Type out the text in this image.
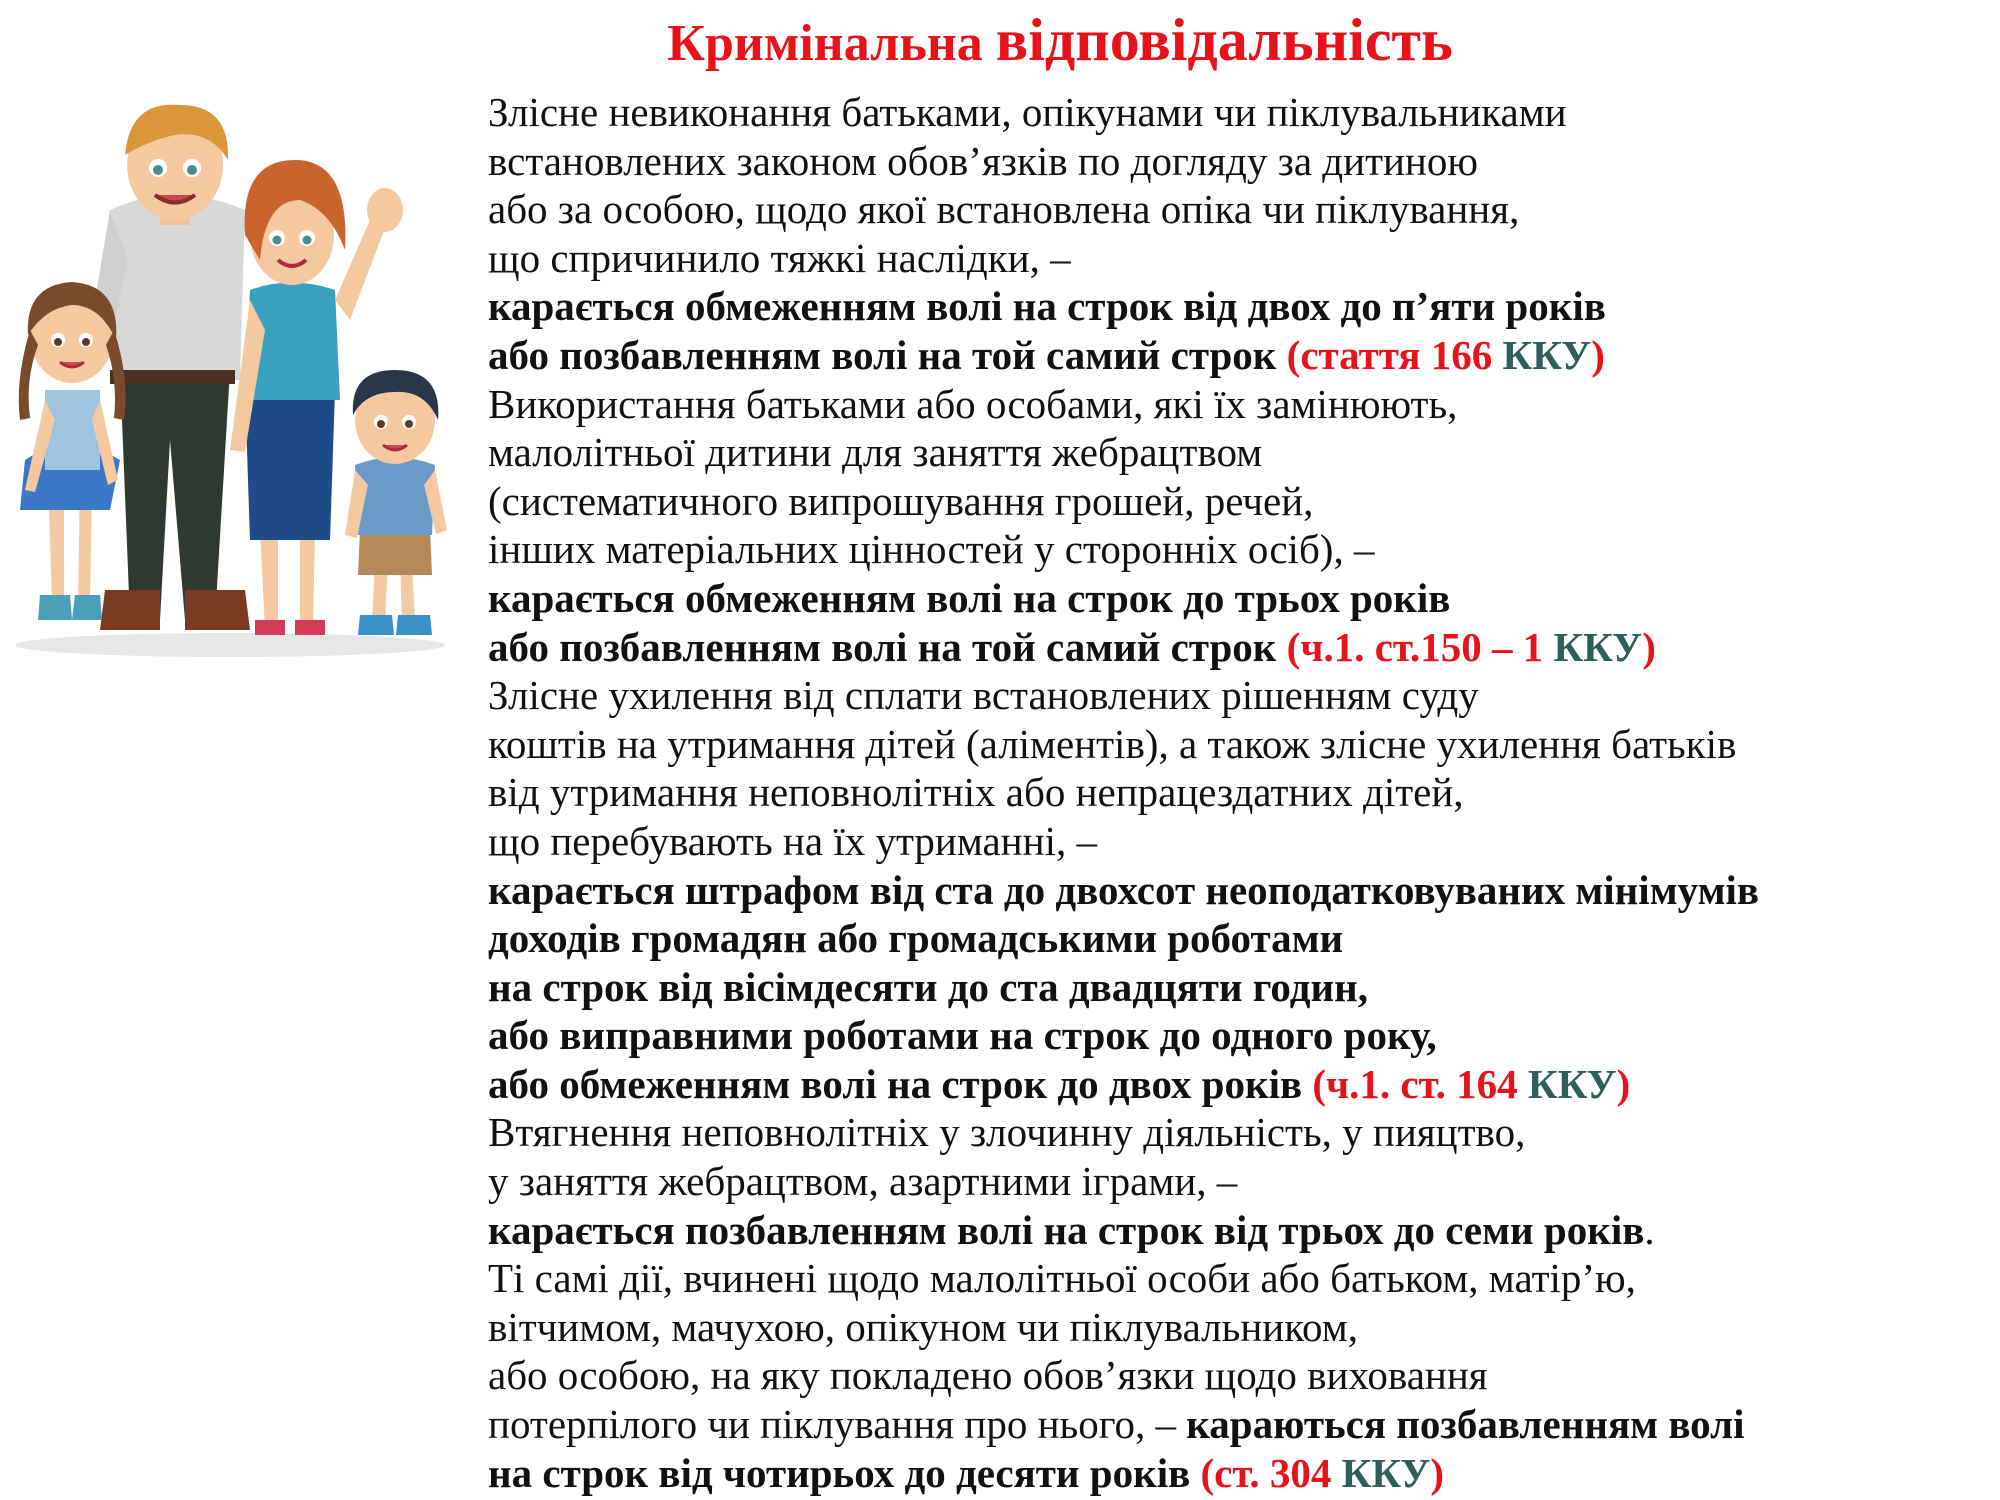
Кримінальна відповідальність
Злісне невиконання батьками, опікунами чи піклувальниками
встановлених законом обов’язків по догляду за дитиною
або за особою, щодо якої встановлена опіка чи піклування,
що спричинило тяжкі наслідки, –
карається обмеженням волі на строк від двох до п’яти років
або позбавленням волі на той самий строк (стаття 166 ККУ)
Використання батьками або особами, які їх замінюють,
малолітньої дитини для заняття жебрацтвом
(систематичного випрошування грошей, речей,
інших матеріальних цінностей у сторонніх осіб), –
карається обмеженням волі на строк до трьох років
або позбавленням волі на той самий строк (ч.1. ст.150 – 1 ККУ)
Злісне ухилення від сплати встановлених рішенням суду
коштів на утримання дітей (аліментів), а також злісне ухилення батьків
від утримання неповнолітніх або непрацездатних дітей,
що перебувають на їх утриманні, –
карається штрафом від ста до двохсот неоподатковуваних мінімумів
доходів громадян або громадськими роботами
на строк від вісімдесяти до ста двадцяти годин,
або виправними роботами на строк до одного року,
або обмеженням волі на строк до двох років (ч.1. ст. 164 ККУ)
Втягнення неповнолітніх у злочинну діяльність, у пияцтво,
у заняття жебрацтвом, азартними іграми, –
карається позбавленням волі на строк від трьох до семи років.
Ті самі дії, вчинені щодо малолітньої особи або батьком, матір’ю,
вітчимом, мачухою, опікуном чи піклувальником,
або особою, на яку покладено обов’язки щодо виховання
потерпілого чи піклування про нього, – караються позбавленням волі
на строк від чотирьох до десяти років (ст. 304 ККУ)
